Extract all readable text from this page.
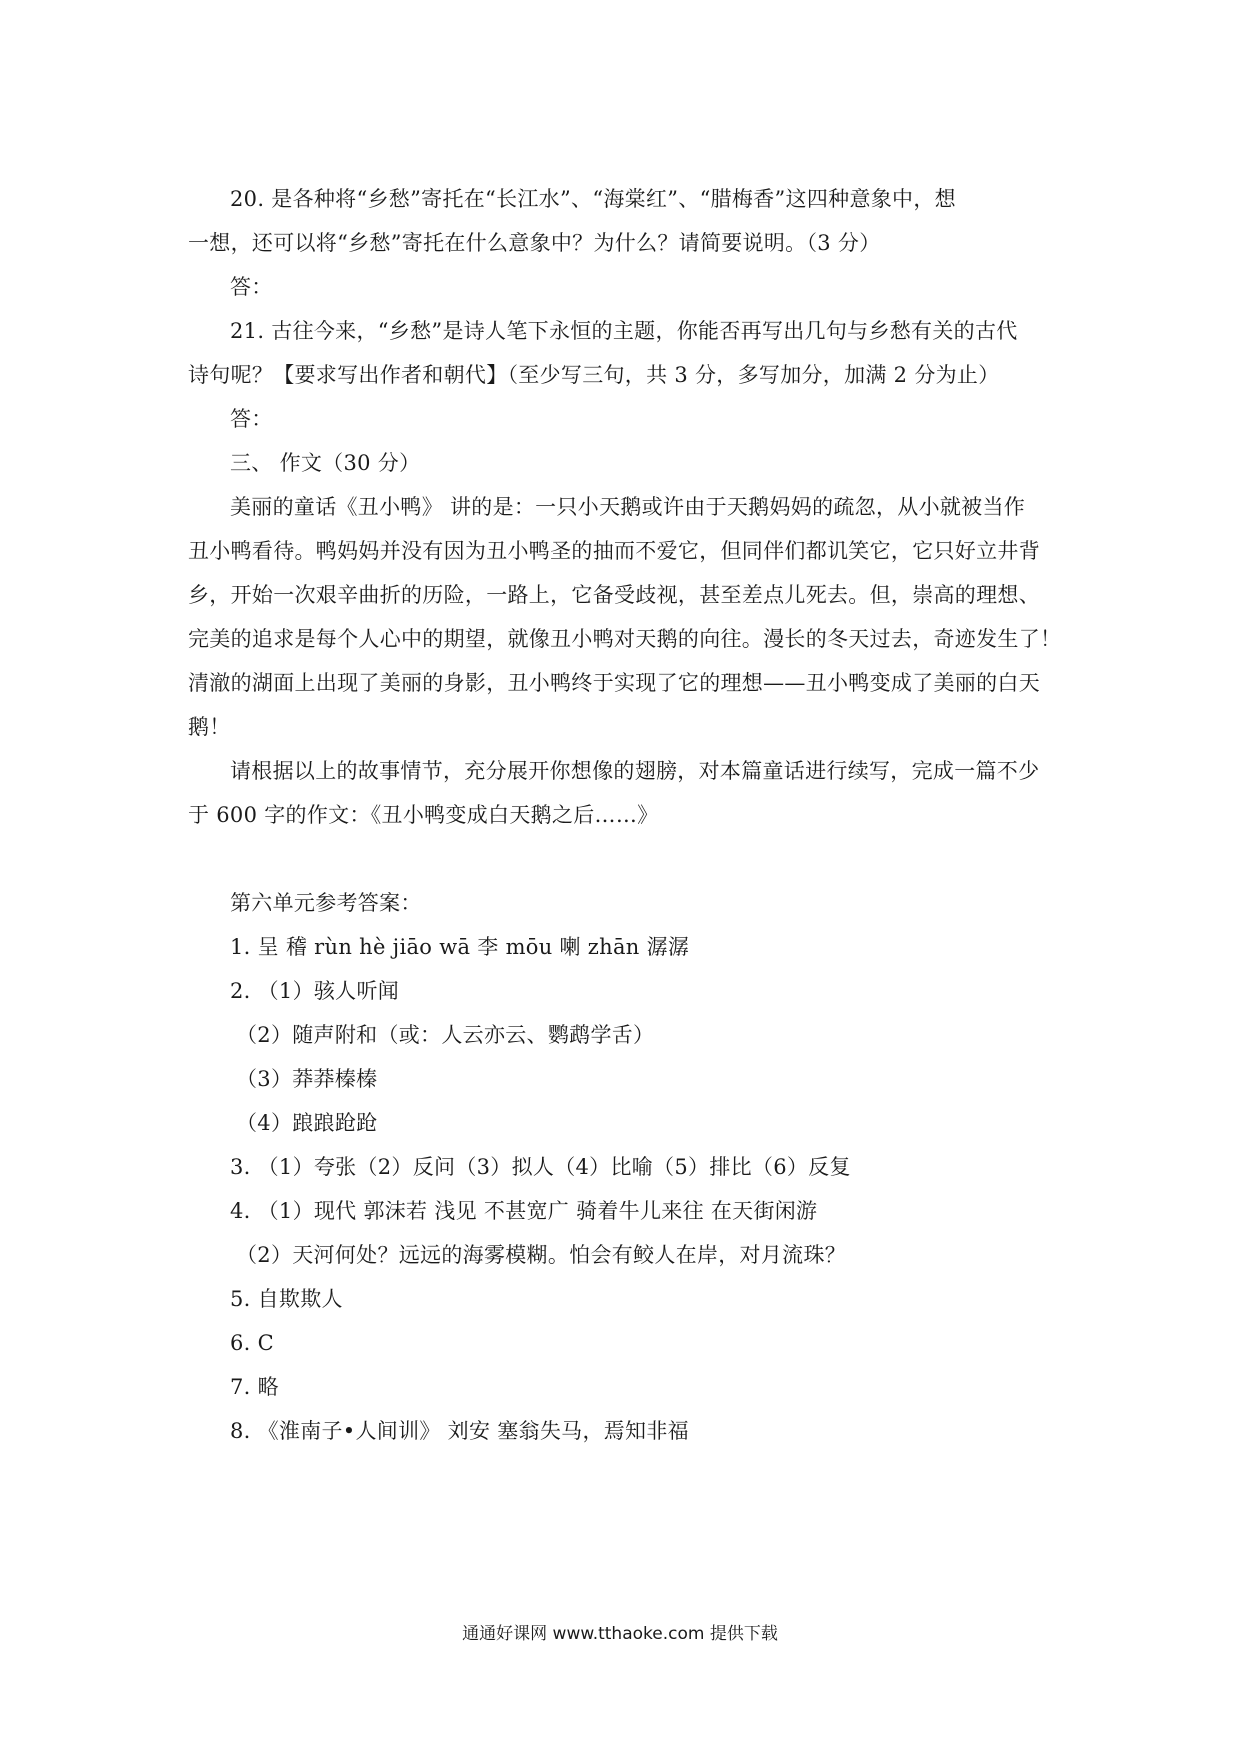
20. 是各种将“乡愁”寄托在“长江水”、“海棠红”、“腊梅香”这四种意象中，想
一想，还可以将“乡愁”寄托在什么意象中？为什么？请简要说明。（3 分）
答：
21. 古往今来，“乡愁”是诗人笔下永恒的主题，你能否再写出几句与乡愁有关的古代
诗句呢？【要求写出作者和朝代】（至少写三句，共 3 分，多写加分，加满 2 分为止）
答：
三、 作文（30 分）
美丽的童话《丑小鸭》 讲的是：一只小天鹅或许由于天鹅妈妈的疏忽，从小就被当作
丑小鸭看待。鸭妈妈并没有因为丑小鸭圣的抽而不爱它，但同伴们都讥笑它，它只好立井背
乡，开始一次艰辛曲折的历险，一路上，它备受歧视，甚至差点儿死去。但，崇高的理想、
完美的追求是每个人心中的期望，就像丑小鸭对天鹅的向往。漫长的冬天过去，奇迹发生了！
清澈的湖面上出现了美丽的身影，丑小鸭终于实现了它的理想——丑小鸭变成了美丽的白天
鹅！
请根据以上的故事情节，充分展开你想像的翅膀，对本篇童话进行续写，完成一篇不少
于 600 字的作文：《丑小鸭变成白天鹅之后……》
第六单元参考答案：
1. 呈 稽 rùn hè jiāo wā 李 mōu 喇 zhān 潺潺
2. （1）骇人听闻
（2）随声附和（或：人云亦云、鹦鹉学舌）
（3）莽莽榛榛
（4）踉踉跄跄
3. （1）夸张（2）反问（3）拟人（4）比喻（5）排比（6）反复
4. （1）现代 郭沫若 浅见 不甚宽广 骑着牛儿来往 在天街闲游
（2）天河何处？远远的海雾模糊。怕会有鲛人在岸，对月流珠？
5. 自欺欺人
6. C
7. 略
8. 《淮南子•人间训》 刘安 塞翁失马，焉知非福
通通好课网 www.tthaoke.com 提供下载
